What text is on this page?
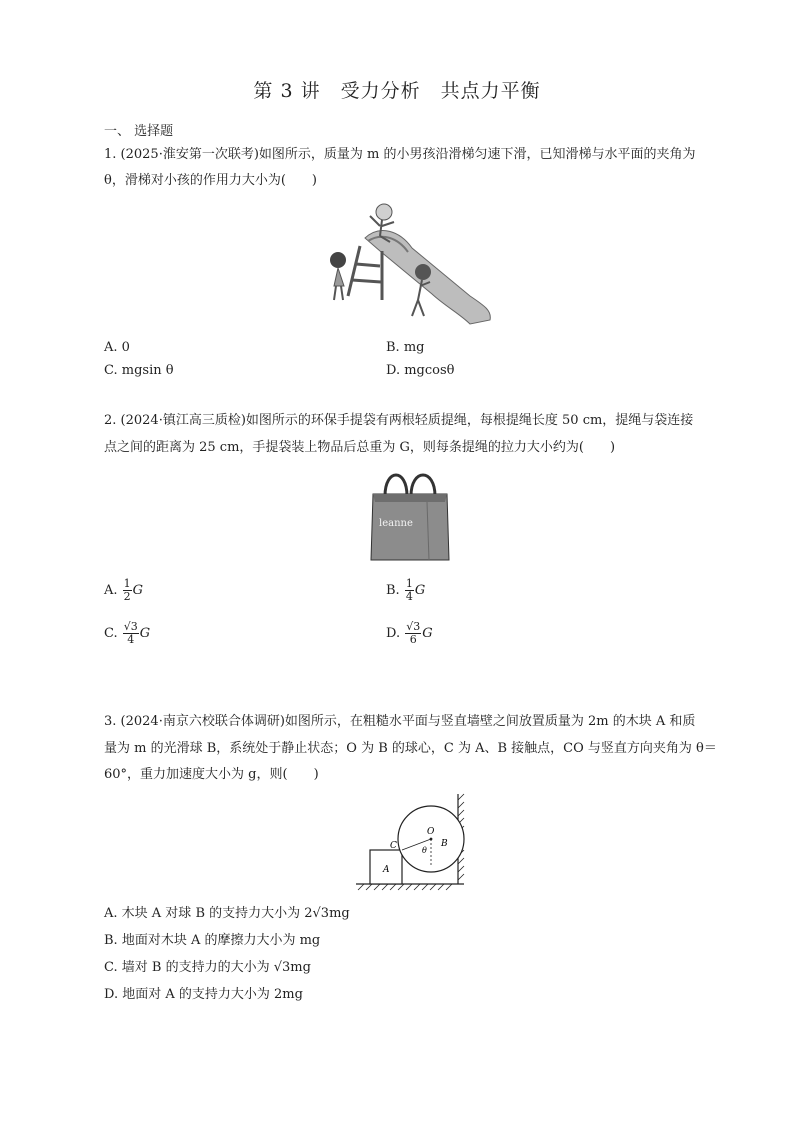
第 3 讲　受力分析　共点力平衡
一、 选择题
1. (2025·淮安第一次联考)如图所示，质量为 m 的小男孩沿滑梯匀速下滑，已知滑梯与水平面的夹角为
θ，滑梯对小孩的作用力大小为(　　)
A. 0	B. mg
C. mgsin θ	D. mgcosθ
2. (2024·镇江高三质检)如图所示的环保手提袋有两根轻质提绳，每根提绳长度 50 cm，提绳与袋连接
点之间的距离为 25 cm，手提袋装上物品后总重为 G，则每条提绳的拉力大小约为(　　)
leanne
A. $\frac{1}{2}$ G	B. $\frac{1}{4}$ G
C. $\frac{√3}{4}$ G	D. $\frac{√3}{6}$ G
3. (2024·南京六校联合体调研)如图所示，在粗糙水平面与竖直墙壁之间放置质量为 2m 的木块 A 和质
量为 m 的光滑球 B，系统处于静止状态；O 为 B 的球心，C 为 A、B 接触点，CO 与竖直方向夹角为 θ＝
60°，重力加速度大小为 g，则(　　)
O
B
C
A
θ
A. 木块 A 对球 B 的支持力大小为 2√3mg
B. 地面对木块 A 的摩擦力大小为 mg
C. 墙对 B 的支持力的大小为 √3mg
D. 地面对 A 的支持力大小为 2mg
